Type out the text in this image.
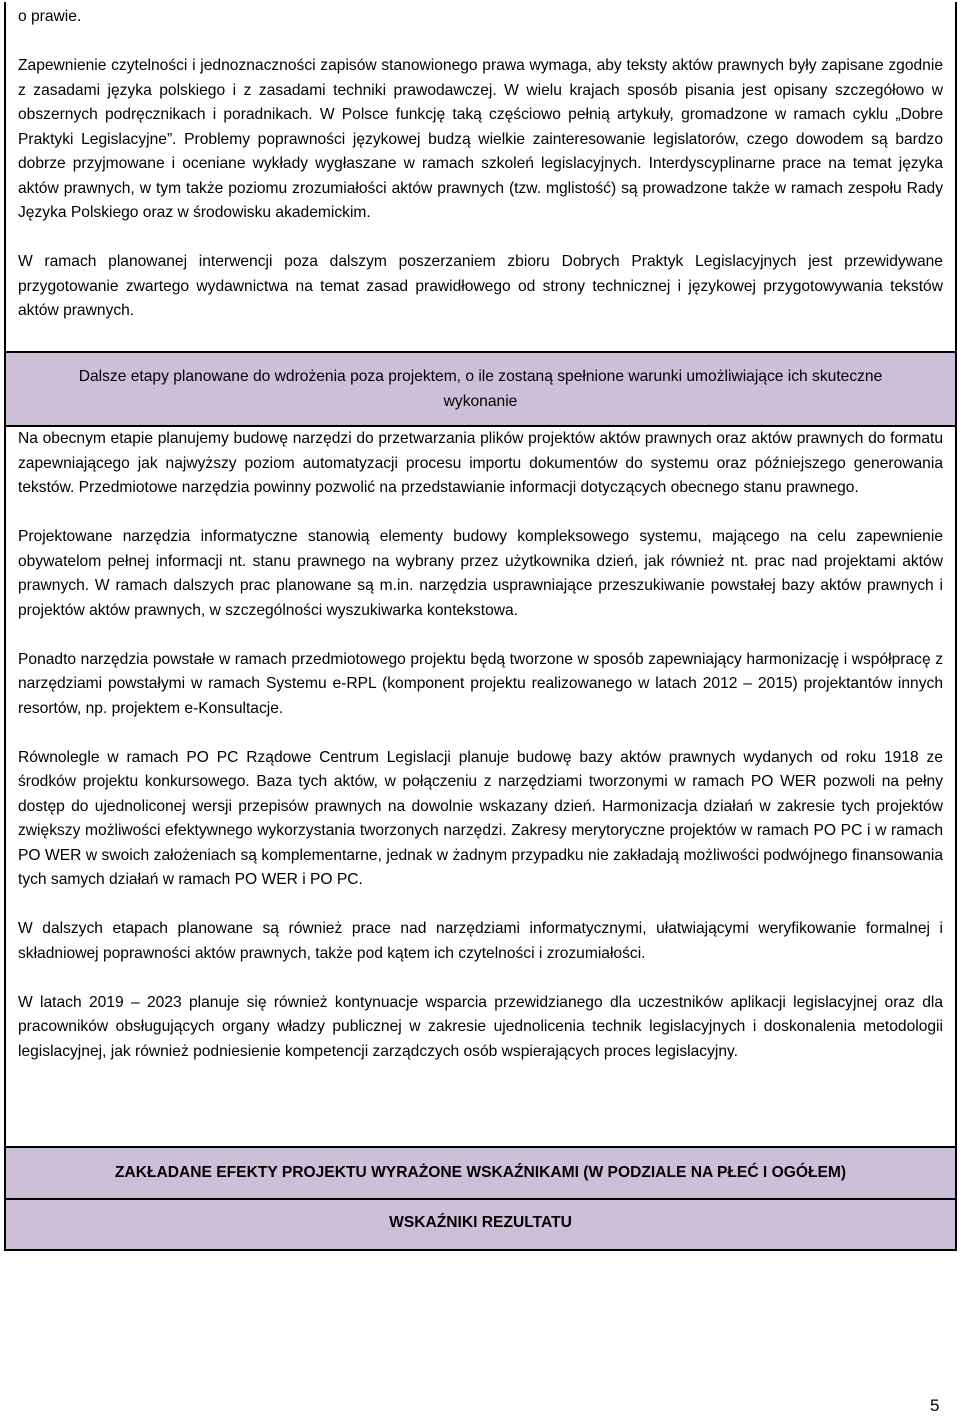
o prawie.

Zapewnienie czytelności i jednoznaczności zapisów stanowionego prawa wymaga, aby teksty aktów prawnych były zapisane zgodnie z zasadami języka polskiego i z zasadami techniki prawodawczej. W wielu krajach sposób pisania jest opisany szczegółowo w obszernych podręcznikach i poradnikach. W Polsce funkcję taką częściowo pełnią artykuły, gromadzone w ramach cyklu „Dobre Praktyki Legislacyjne”. Problemy poprawności językowej budzą wielkie zainteresowanie legislatorów, czego dowodem są bardzo dobrze przyjmowane i oceniane wykłady wygłaszane w ramach szkoleń legislacyjnych. Interdyscyplinarne prace na temat języka aktów prawnych, w tym także poziomu zrozumiałości aktów prawnych (tzw. mglistość) są prowadzone także w ramach zespołu Rady Języka Polskiego oraz w środowisku akademickim.

W ramach planowanej interwencji poza dalszym poszerzaniem zbioru Dobrych Praktyk Legislacyjnych jest przewidywane przygotowanie zwartego wydawnictwa na temat zasad prawidłowego od strony technicznej i językowej przygotowywania tekstów aktów prawnych.

Dalsze etapy planowane do wdrożenia poza projektem, o ile zostaną spełnione warunki umożliwiające ich skuteczne wykonanie

Na obecnym etapie planujemy budowę narzędzi do przetwarzania plików projektów aktów prawnych oraz aktów prawnych do formatu zapewniającego jak najwyższy poziom automatyzacji procesu importu dokumentów do systemu oraz późniejszego generowania tekstów. Przedmiotowe narzędzia powinny pozwolić na przedstawianie informacji dotyczących obecnego stanu prawnego.

Projektowane narzędzia informatyczne stanowią elementy budowy kompleksowego systemu, mającego na celu zapewnienie obywatelom pełnej informacji nt. stanu prawnego na wybrany przez użytkownika dzień, jak również nt. prac nad projektami aktów prawnych. W ramach dalszych prac planowane są m.in. narzędzia usprawniające przeszukiwanie powstałej bazy aktów prawnych i projektów aktów prawnych, w szczególności wyszukiwarka kontekstowa.

Ponadto narzędzia powstałe w ramach przedmiotowego projektu będą tworzone w sposób zapewniający harmonizację i współpracę z narzędziami powstałymi w ramach Systemu e-RPL (komponent projektu realizowanego w latach 2012 – 2015) projektantów innych resortów, np. projektem e-Konsultacje.

Równolegle w ramach PO PC Rządowe Centrum Legislacji planuje budowę bazy aktów prawnych wydanych od roku 1918 ze środków projektu konkursowego. Baza tych aktów, w połączeniu z narzędziami tworzonymi w ramach PO WER pozwoli na pełny dostęp do ujednoliconej wersji przepisów prawnych na dowolnie wskazany dzień. Harmonizacja działań w zakresie tych projektów zwiększy możliwości efektywnego wykorzystania tworzonych narzędzi. Zakresy merytoryczne projektów w ramach PO PC i w ramach PO WER w swoich założeniach są komplementarne, jednak w żadnym przypadku nie zakładają możliwości podwójnego finansowania tych samych działań w ramach PO WER i PO PC.

W dalszych etapach planowane są również prace nad narzędziami informatycznymi, ułatwiającymi weryfikowanie formalnej i składniowej poprawności aktów prawnych, także pod kątem ich czytelności i zrozumiałości.

W latach 2019 – 2023 planuje się również kontynuacje wsparcia przewidzianego dla uczestników aplikacji legislacyjnej oraz dla pracowników obsługujących organy władzy publicznej w zakresie ujednolicenia technik legislacyjnych i doskonalenia metodologii legislacyjnej, jak również podniesienie kompetencji zarządczych osób wspierających proces legislacyjny.

ZAKŁADANE EFEKTY PROJEKTU WYRAŻONE WSKAŹNIKAMI (W PODZIALE NA PŁEĆ I OGÓŁEM)
WSKAŹNIKI REZULTATU
5
